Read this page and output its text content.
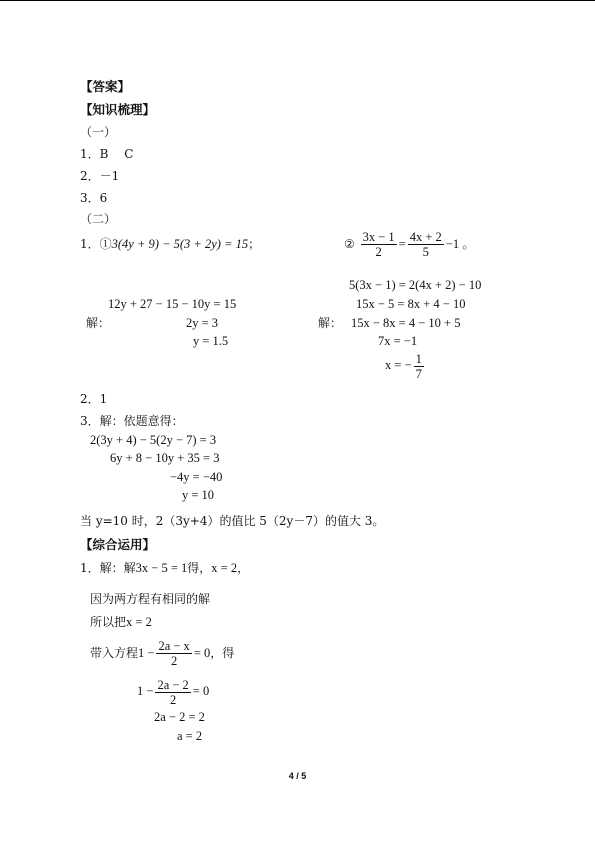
【答案】
【知识梳理】
（一）
1．B　 C
2．－1
3．6
（二）
1．①3(4y + 9) − 5(3 + 2y) = 15；	② $\frac{3x - 1}{2} = \frac{4x + 2}{5} -1$ 。
12y + 27 − 15 − 10y = 15
解：	2y = 3
y = 1.5
5(3x − 1) = 2(4x + 2) − 10
15x − 5 = 8x + 4 − 10
解： 15x − 8x = 4 − 10 + 5
7x = −1
x = − $\frac{1}{7}$
2．1
3．解：依题意得：
2(3y + 4) − 5(2y − 7) = 3
6y + 8 − 10y + 35 = 3
−4y = −40
y = 10
当 y=10 时，2（3y+4）的值比 5（2y－7）的值大 3。
【综合运用】
1．解：解3x − 5 = 1得，x = 2，
因为两方程有相同的解
所以把x = 2
带入方程$1 - \frac{2a - x}{2} = 0$，得
$1 - \frac{2a - 2}{2} = 0$
2a − 2 = 2
a = 2
4 / 5
